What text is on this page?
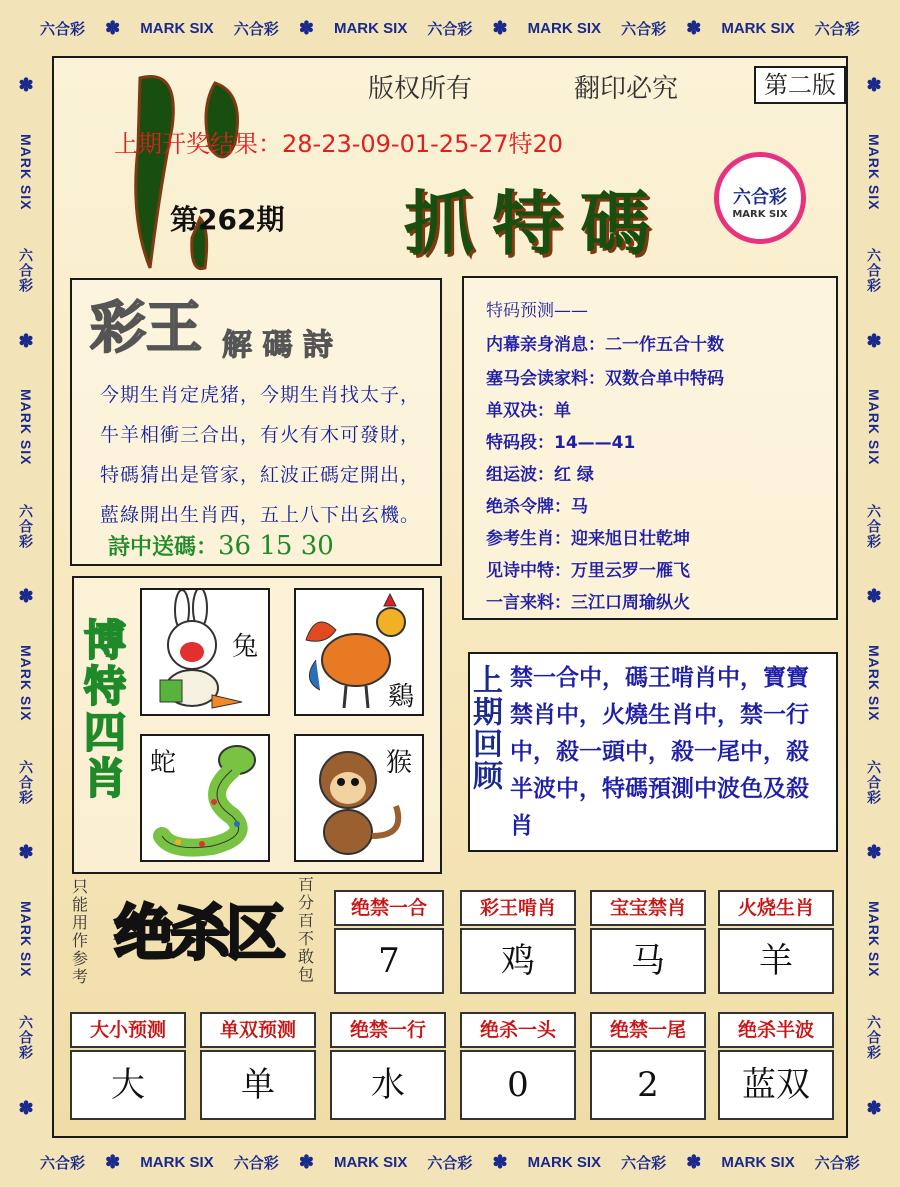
六合彩 ✽ MARK SIX 六合彩 ✽ MARK SIX 六合彩 ✽ MARK SIX 六合彩 ✽ MARK SIX 六合彩
六合彩 ✽ MARK SIX 六合彩 ✽ MARK SIX 六合彩 ✽ MARK SIX 六合彩 ✽ MARK SIX 六合彩
✽
MARK SIX
六合彩
✽
MARK SIX
六合彩
✽
MARK SIX
六合彩
✽
MARK SIX
六合彩
✽
✽
MARK SIX
六合彩
✽
MARK SIX
六合彩
✽
MARK SIX
六合彩
✽
MARK SIX
六合彩
✽
版权所有	翻印必究	第二版
上期开奖结果：28-23-09-01-25-27特20
第262期 抓特碼	六合彩
MARK SIX
彩王 解 碼 詩
今期生肖定虎猪，今期生肖找太子，
牛羊相衝三合出，有火有木可發財，
特碼猜出是管家，紅波正碼定開出，
藍綠開出生肖西，五上八下出玄機。
詩中送碼：36 15 30
特码预测——
内幕亲身消息：二一作五合十数
塞马会读家料：双数合单中特码
单双决：单
特码段：14——41
组运波：红 绿
绝杀令牌：马
参考生肖：迎来旭日壮乾坤
见诗中特：万里云罗一雁飞
一言来料：三江口周瑜纵火
博特四肖	兔
鷄
蛇	猴 上期回顾 禁一合中，碼王啃肖中，寶寶禁肖中，火燒生肖中，禁一行中，殺一頭中，殺一尾中，殺半波中，特碼預測中波色及殺肖
只能用作参考
绝杀区
百分百不敢包
绝禁一合
7
彩王啃肖
鸡
宝宝禁肖
马
火烧生肖
羊
大小预测
大
单双预测
单
绝禁一行
水
绝杀一头
0
绝禁一尾
2
绝杀半波
蓝双
